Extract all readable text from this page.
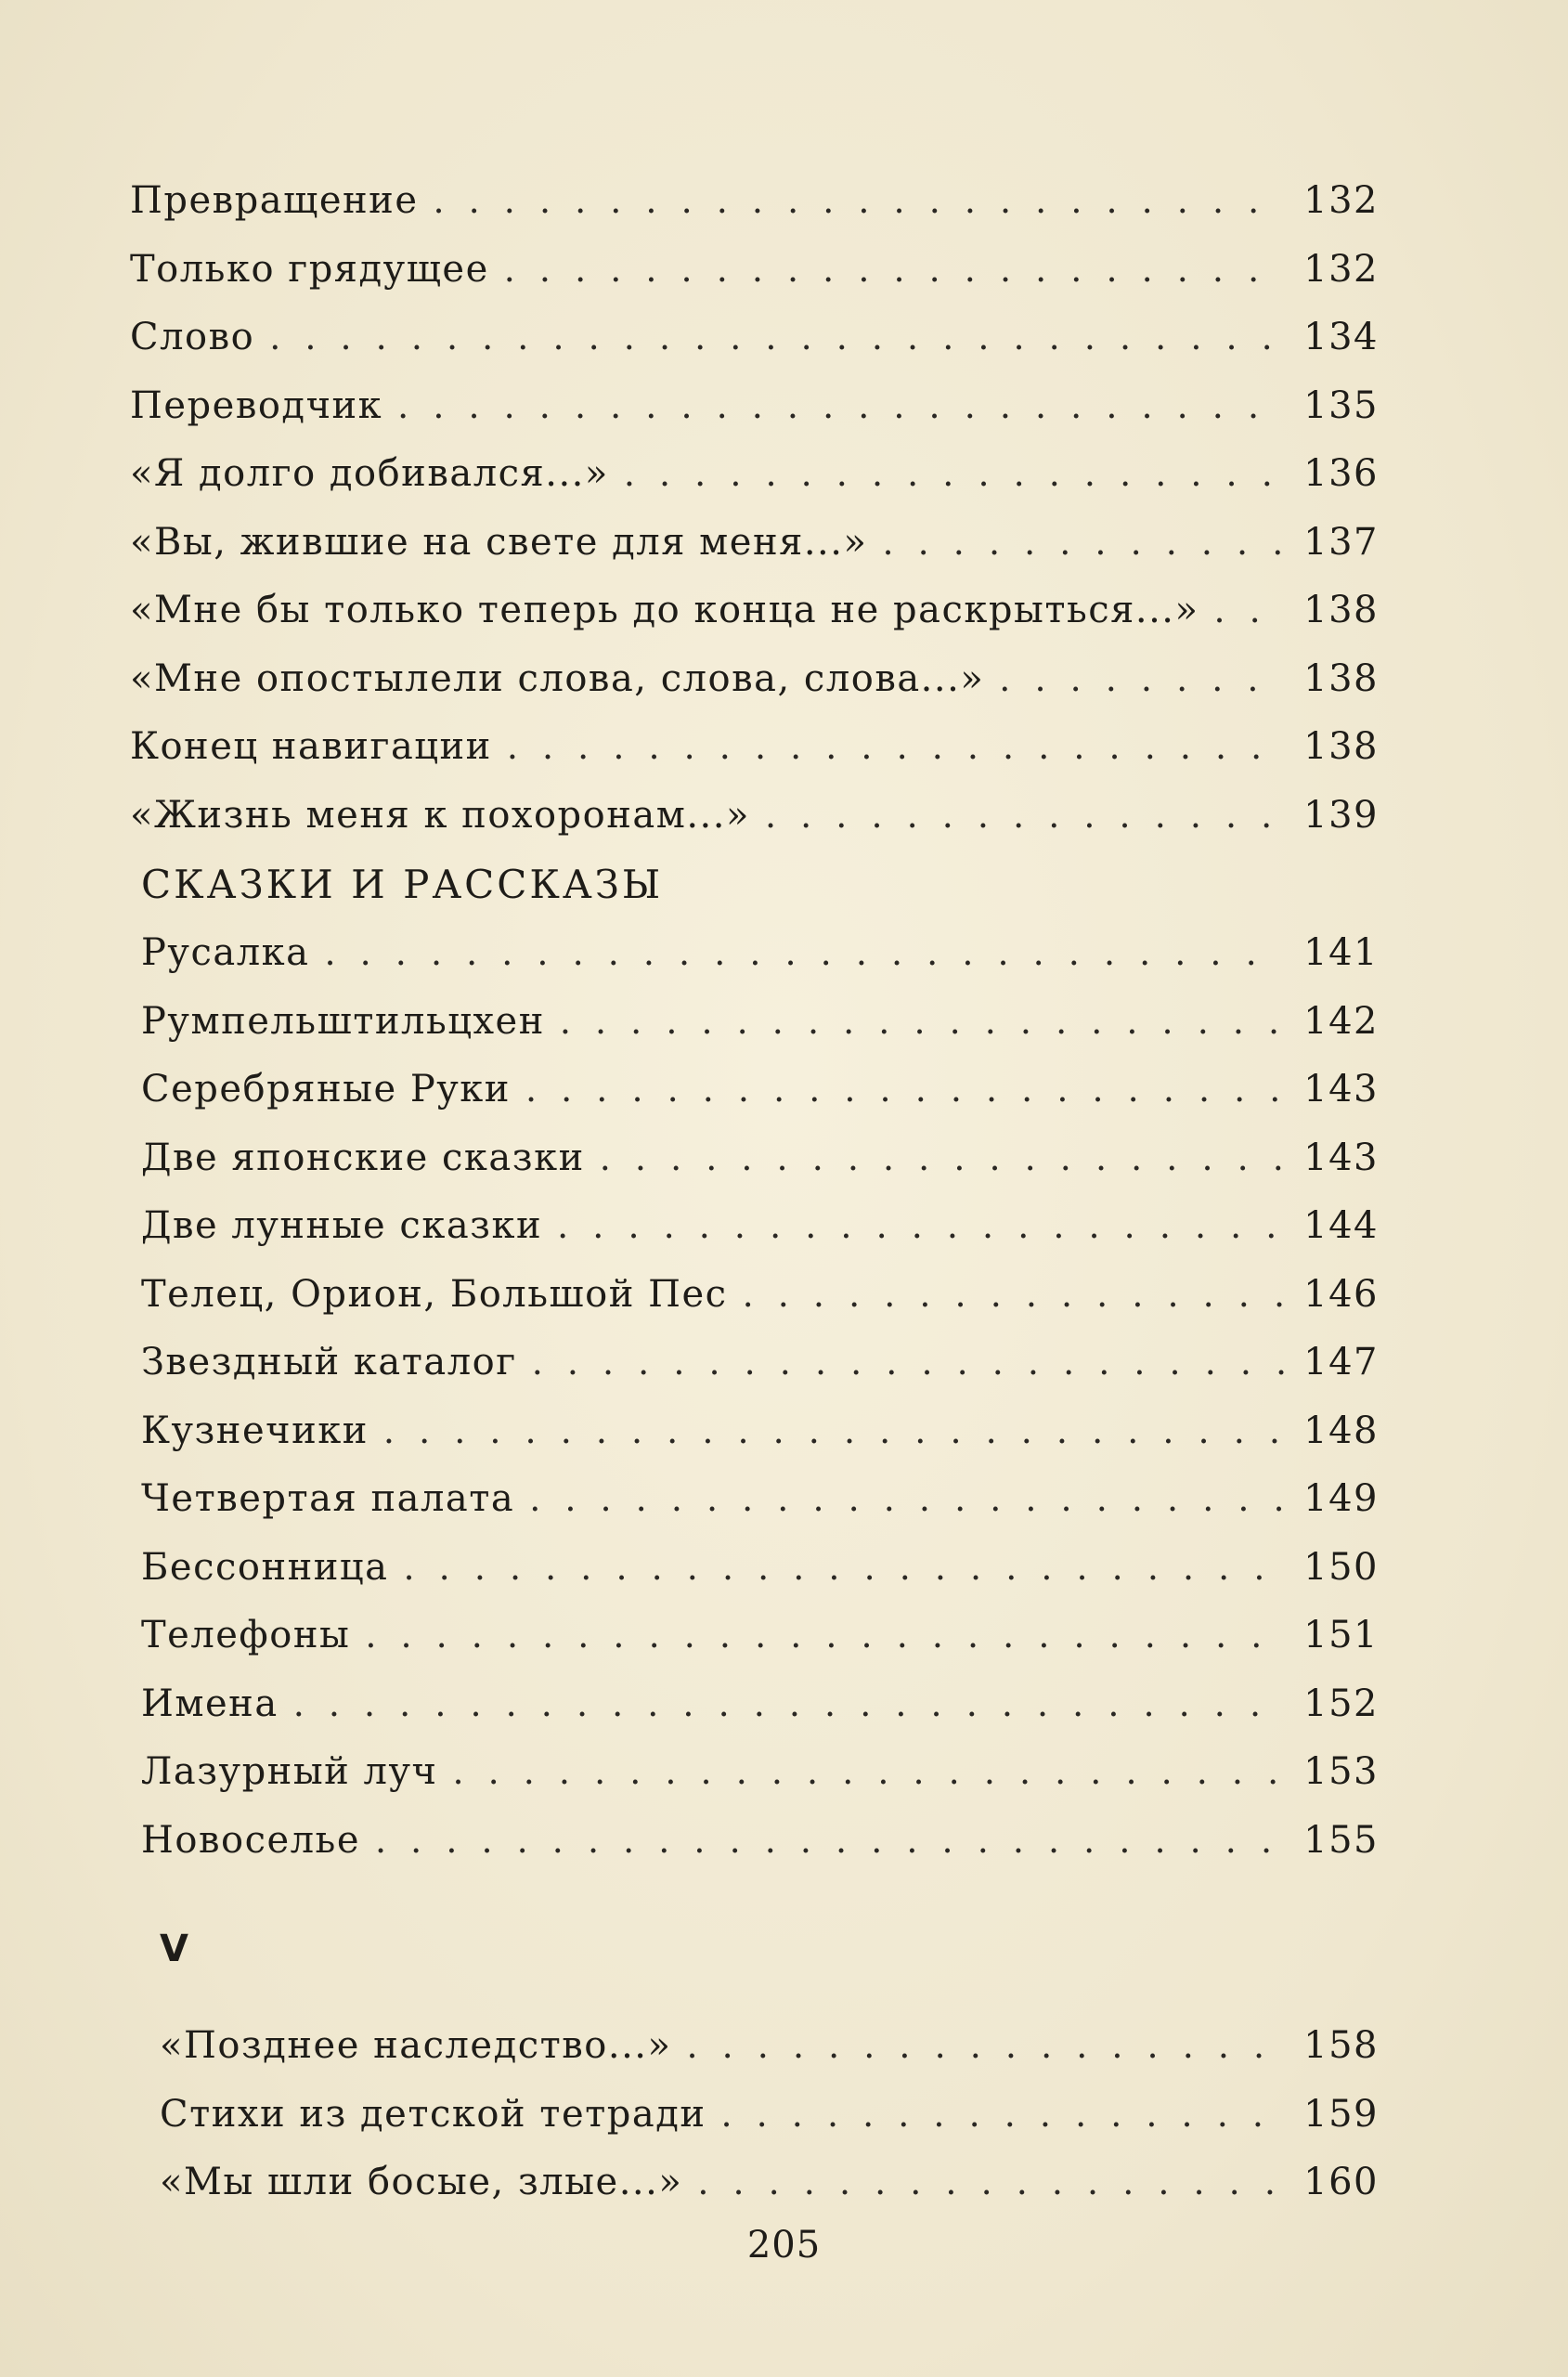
Превращение . . .	132
Только грядущее . . .	132
Слово . . .	134
Переводчик . . .	135
«Я долго добивался...» . . .	136
«Вы, жившие на свете для меня...» . . .	137
«Мне бы только теперь до конца не раскрыться...» . . .	138
«Мне опостылели слова, слова, слова...» . . .	138
Конец навигации . . .	138
«Жизнь меня к похоронам...» . . .	139
СКАЗКИ И РАССКАЗЫ
Русалка . . .	141
Румпельштильцхен . . .	142
Серебряные Руки . . .	143
Две японские сказки . . .	143
Две лунные сказки . . .	144
Телец, Орион, Большой Пес . . .	146
Звездный каталог . . .	147
Кузнечики . . .	148
Четвертая палата . . .	149
Бессонница . . .	150
Телефоны . . .	151
Имена . . .	152
Лазурный луч . . .	153
Новоселье . . .	155
V
«Позднее наследство...» . . .	158
Стихи из детской тетради . . .	159
«Мы шли босые, злые...» . . .	160
205
